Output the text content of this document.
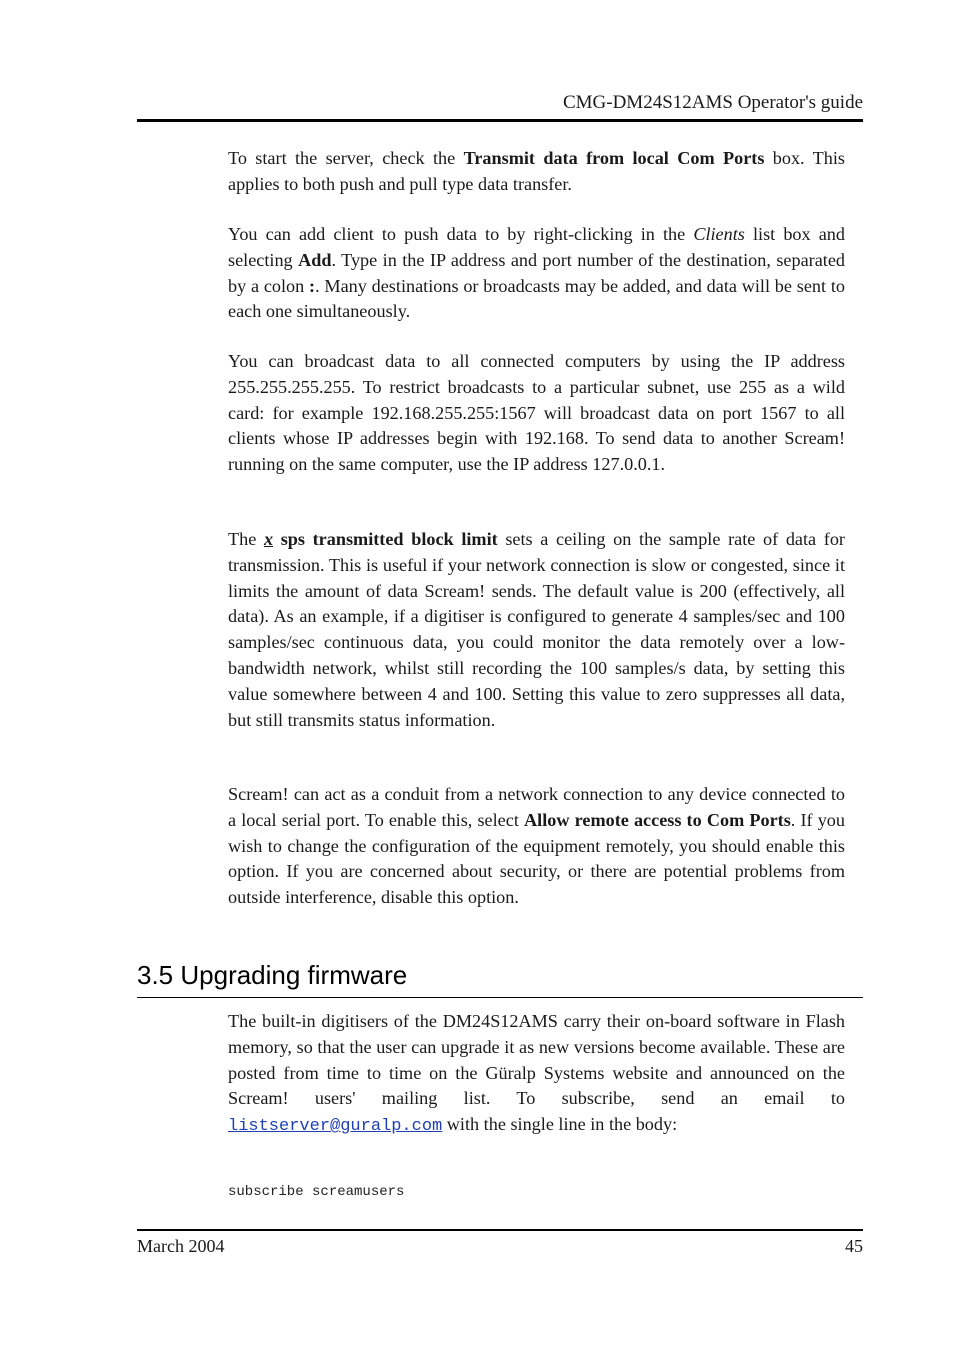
CMG-DM24S12AMS Operator's guide

To start the server, check the Transmit data from local Com Ports box. This applies to both push and pull type data transfer.

You can add client to push data to by right-clicking in the Clients list box and selecting Add. Type in the IP address and port number of the destination, separated by a colon :. Many destinations or broadcasts may be added, and data will be sent to each one simultaneously.

You can broadcast data to all connected computers by using the IP address 255.255.255.255. To restrict broadcasts to a particular subnet, use 255 as a wild card: for example 192.168.255.255:1567 will broadcast data on port 1567 to all clients whose IP addresses begin with 192.168. To send data to another Scream! running on the same computer, use the IP address 127.0.0.1.

The x sps transmitted block limit sets a ceiling on the sample rate of data for transmission. This is useful if your network connection is slow or congested, since it limits the amount of data Scream! sends. The default value is 200 (effectively, all data). As an example, if a digitiser is configured to generate 4 samples/sec and 100 samples/sec continuous data, you could monitor the data remotely over a low-bandwidth network, whilst still recording the 100 samples/s data, by setting this value somewhere between 4 and 100. Setting this value to zero suppresses all data, but still transmits status information.

Scream! can act as a conduit from a network connection to any device connected to a local serial port. To enable this, select Allow remote access to Com Ports. If you wish to change the configuration of the equipment remotely, you should enable this option. If you are concerned about security, or there are potential problems from outside interference, disable this option.

3.5 Upgrading firmware

The built-in digitisers of the DM24S12AMS carry their on-board software in Flash memory, so that the user can upgrade it as new versions become available. These are posted from time to time on the Güralp Systems website and announced on the Scream! users' mailing list. To subscribe, send an email to listserver@guralp.com with the single line in the body:

subscribe screamusers
March 2004	45
